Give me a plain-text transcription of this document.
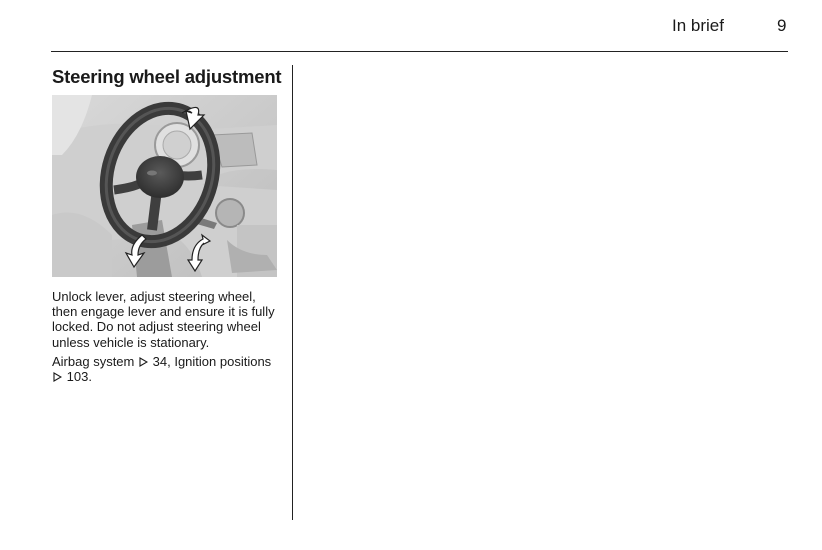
In brief	9
Steering wheel adjustment

Unlock lever, adjust steering wheel, then engage lever and ensure it is fully locked. Do not adjust steering wheel unless vehicle is stationary.

Airbag system 34, Ignition positions  103.
